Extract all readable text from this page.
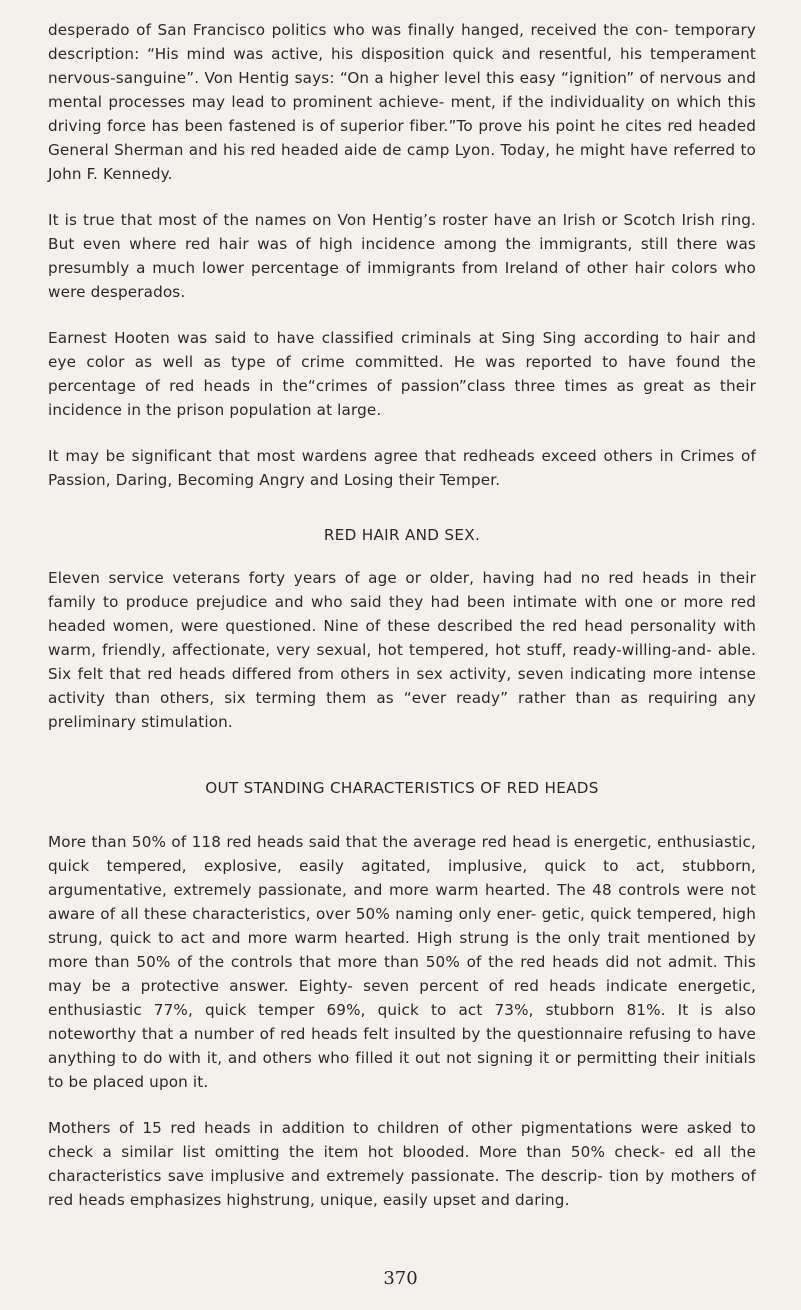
desperado of San Francisco politics who was finally hanged, received the con- temporary description: “His mind was active, his disposition quick and resentful, his temperament nervous-sanguine”. Von Hentig says: “On a higher level this easy “ignition” of nervous and mental processes may lead to prominent achieve- ment, if the individuality on which this driving force has been fastened is of superior fiber.”To prove his point he cites red headed General Sherman and his red headed aide de camp Lyon. Today, he might have referred to John F. Kennedy.

It is true that most of the names on Von Hentig’s roster have an Irish or Scotch Irish ring. But even where red hair was of high incidence among the immigrants, still there was presumbly a much lower percentage of immigrants from Ireland of other hair colors who were desperados.

Earnest Hooten was said to have classified criminals at Sing Sing according to hair and eye color as well as type of crime committed. He was reported to have found the percentage of red heads in the“crimes of passion”class three times as great as their incidence in the prison population at large.

It may be significant that most wardens agree that redheads exceed others in Crimes of Passion, Daring, Becoming Angry and Losing their Temper.

RED HAIR AND SEX.

Eleven service veterans forty years of age or older, having had no red heads in their family to produce prejudice and who said they had been intimate with one or more red headed women, were questioned. Nine of these described the red head personality with warm, friendly, affectionate, very sexual, hot tempered, hot stuff, ready-willing-and- able. Six felt that red heads differed from others in sex activity, seven indicating more intense activity than others, six terming them as “ever ready” rather than as requiring any preliminary stimulation.

OUT STANDING CHARACTERISTICS OF RED HEADS

More than 50% of 118 red heads said that the average red head is energetic, enthusiastic, quick tempered, explosive, easily agitated, implusive, quick to act, stubborn, argumentative, extremely passionate, and more warm hearted. The 48 controls were not aware of all these characteristics, over 50% naming only ener- getic, quick tempered, high strung, quick to act and more warm hearted. High strung is the only trait mentioned by more than 50% of the controls that more than 50% of the red heads did not admit. This may be a protective answer. Eighty- seven percent of red heads indicate energetic, enthusiastic 77%, quick temper 69%, quick to act 73%, stubborn 81%. It is also noteworthy that a number of red heads felt insulted by the questionnaire refusing to have anything to do with it, and others who filled it out not signing it or permitting their initials to be placed upon it.

Mothers of 15 red heads in addition to children of other pigmentations were asked to check a similar list omitting the item hot blooded. More than 50% check- ed all the characteristics save implusive and extremely passionate. The descrip- tion by mothers of red heads emphasizes highstrung, unique, easily upset and daring.

370
